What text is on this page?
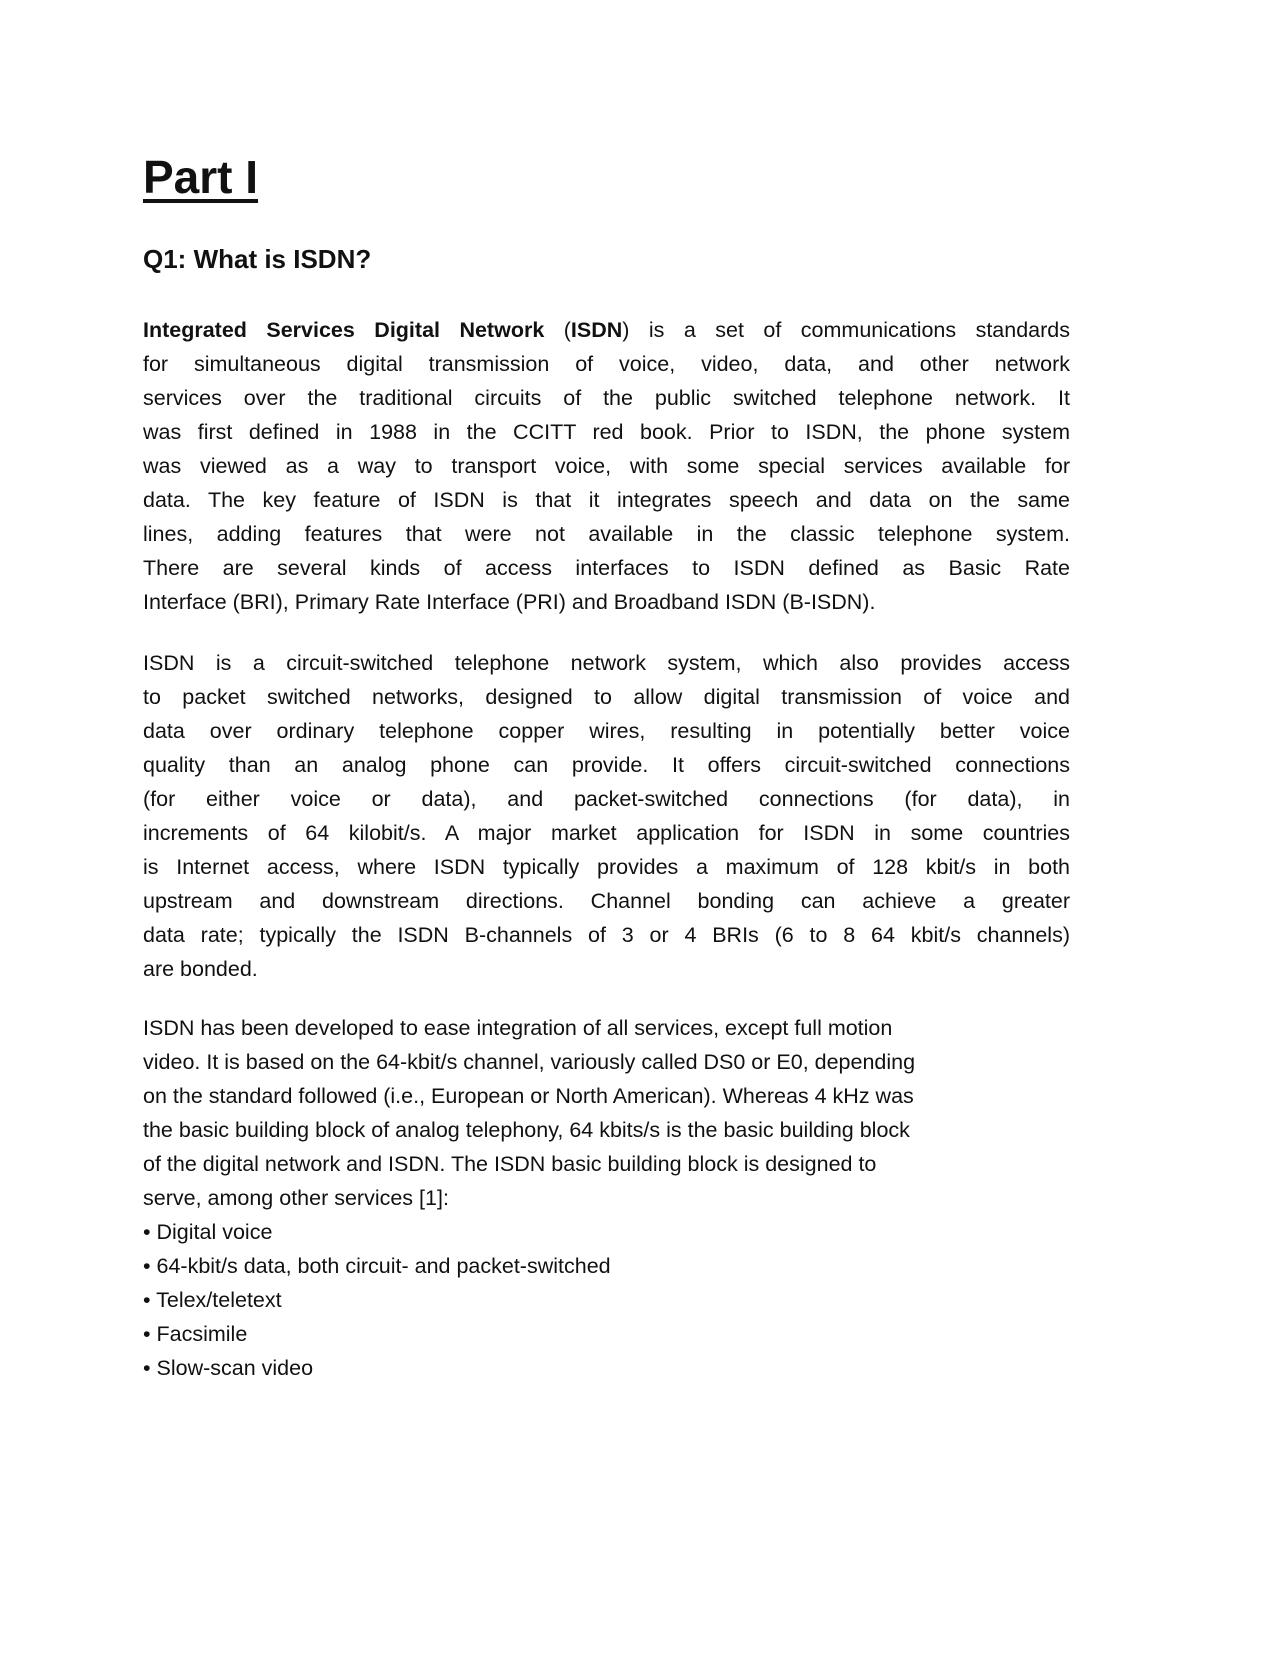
Part I
Q1: What is ISDN?
Integrated Services Digital Network (ISDN) is a set of communications standards
for simultaneous digital transmission of voice, video, data, and other network
services over the traditional circuits of the public switched telephone network. It
was first defined in 1988 in the CCITT red book. Prior to ISDN, the phone system
was viewed as a way to transport voice, with some special services available for
data. The key feature of ISDN is that it integrates speech and data on the same
lines, adding features that were not available in the classic telephone system.
There are several kinds of access interfaces to ISDN defined as Basic Rate
Interface (BRI), Primary Rate Interface (PRI) and Broadband ISDN (B-ISDN).
ISDN is a circuit-switched telephone network system, which also provides access
to packet switched networks, designed to allow digital transmission of voice and
data over ordinary telephone copper wires, resulting in potentially better voice
quality than an analog phone can provide. It offers circuit-switched connections
(for either voice or data), and packet-switched connections (for data), in
increments of 64 kilobit/s. A major market application for ISDN in some countries
is Internet access, where ISDN typically provides a maximum of 128 kbit/s in both
upstream and downstream directions. Channel bonding can achieve a greater
data rate; typically the ISDN B-channels of 3 or 4 BRIs (6 to 8 64 kbit/s channels)
are bonded.
ISDN has been developed to ease integration of all services, except full motion
video. It is based on the 64-kbit/s channel, variously called DS0 or E0, depending
on the standard followed (i.e., European or North American). Whereas 4 kHz was
the basic building block of analog telephony, 64 kbits/s is the basic building block
of the digital network and ISDN. The ISDN basic building block is designed to
serve, among other services [1]:
• Digital voice
• 64-kbit/s data, both circuit- and packet-switched
• Telex/teletext
• Facsimile
• Slow-scan video
